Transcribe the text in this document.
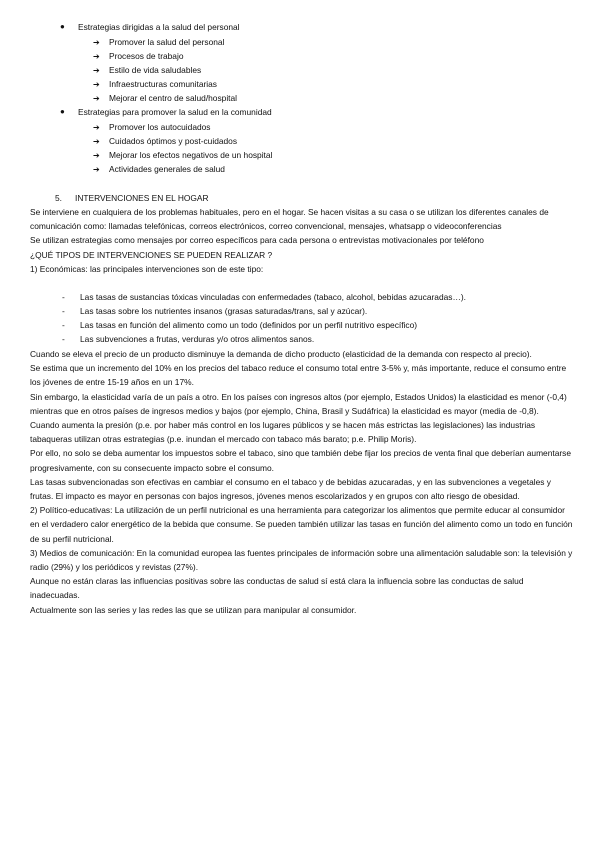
● Estrategias dirigidas a la salud del personal
➔ Promover la salud del personal
➔ Procesos de trabajo
➔ Estilo de vida saludables
➔ Infraestructuras comunitarias
➔ Mejorar el centro de salud/hospital
● Estrategias para promover la salud en la comunidad
➔ Promover los autocuidados
➔ Cuidados óptimos y post-cuidados
➔ Mejorar los efectos negativos de un hospital
➔ Actividades generales de salud
5. INTERVENCIONES EN EL HOGAR

Se interviene en cualquiera de los problemas habituales, pero en el hogar. Se hacen visitas a su casa o se utilizan los diferentes canales de comunicación como: llamadas telefónicas, correos electrónicos, correo convencional, mensajes, whatsapp o videoconferencias

Se utilizan estrategias como mensajes por correo específicos para cada persona o entrevistas motivacionales por teléfono

¿QUÉ TIPOS DE INTERVENCIONES SE PUEDEN REALIZAR ?

1) Económicas: las principales intervenciones son de este tipo:

- Las tasas de sustancias tóxicas vinculadas con enfermedades (tabaco, alcohol, bebidas azucaradas…).
- Las tasas sobre los nutrientes insanos (grasas saturadas/trans, sal y azúcar).
- Las tasas en función del alimento como un todo (definidos por un perfil nutritivo específico)
- Las subvenciones a frutas, verduras y/o otros alimentos sanos.

Cuando se eleva el precio de un producto disminuye la demanda de dicho producto (elasticidad de la demanda con respecto al precio).

Se estima que un incremento del 10% en los precios del tabaco reduce el consumo total entre 3-5% y, más importante, reduce el consumo entre los jóvenes de entre 15-19 años en un 17%.

Sin embargo, la elasticidad varía de un país a otro. En los países con ingresos altos (por ejemplo, Estados Unidos) la elasticidad es menor (-0,4) mientras que en otros países de ingresos medios y bajos (por ejemplo, China, Brasil y Sudáfrica) la elasticidad es mayor (media de -0,8).

Cuando aumenta la presión (p.e. por haber más control en los lugares públicos y se hacen más estrictas las legislaciones) las industrias tabaqueras utilizan otras estrategias (p.e. inundan el mercado con tabaco más barato; p.e. Philip Moris).

Por ello, no solo se deba aumentar los impuestos sobre el tabaco, sino que también debe fijar los precios de venta final que deberían aumentarse progresivamente, con su consecuente impacto sobre el consumo.

Las tasas subvencionadas son efectivas en cambiar el consumo en el tabaco y de bebidas azucaradas, y en las subvenciones a vegetales y frutas. El impacto es mayor en personas con bajos ingresos, jóvenes menos escolarizados y en grupos con alto riesgo de obesidad.

2) Político-educativas: La utilización de un perfil nutricional es una herramienta para categorizar los alimentos que permite educar al consumidor en el verdadero calor energético de la bebida que consume. Se pueden también utilizar las tasas en función del alimento como un todo en función de su perfil nutricional.

3) Medios de comunicación: En la comunidad europea las fuentes principales de información sobre una alimentación saludable son: la televisión y radio (29%) y los periódicos y revistas (27%).

Aunque no están claras las influencias positivas sobre las conductas de salud sí está clara la influencia sobre las conductas de salud inadecuadas.

Actualmente son las series y las redes las que se utilizan para manipular al consumidor.
